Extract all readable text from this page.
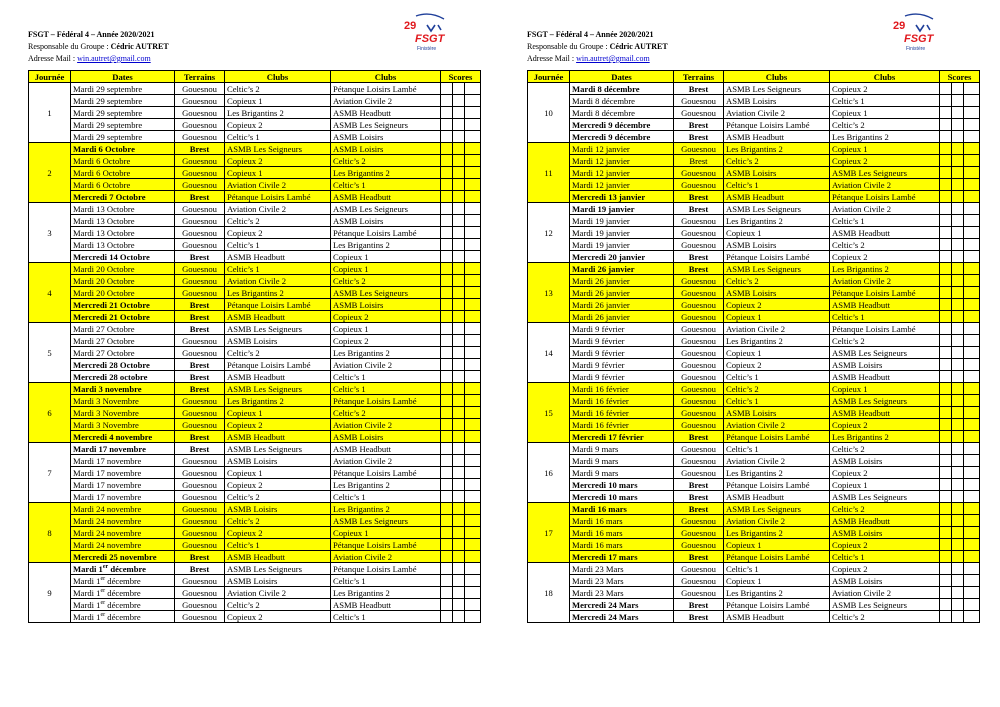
FSGT – Fédéral 4 – Année 2020/2021
Responsable du Groupe : Cédric AUTRET
Adresse Mail : win.autret@gmail.com
29
FSGT
Finistère
Journée	Dates	Terrains	Clubs	Clubs	Scores		
1	Mardi 29 septembre	Gouesnou	Celtic’s 2	Pétanque Loisirs Lambé			
	Mardi 29 septembre	Gouesnou	Copieux 1	Aviation Civile 2			
	Mardi 29 septembre	Gouesnou	Les Brigantins 2	ASMB Headbutt			
	Mardi 29 septembre	Gouesnou	Copieux 2	ASMB Les Seigneurs			
	Mardi 29 septembre	Gouesnou	Celtic’s 1	ASMB Loisirs			
2	Mardi 6 Octobre	Brest	ASMB Les Seigneurs	ASMB Loisirs			
	Mardi 6 Octobre	Gouesnou	Copieux 2	Celtic’s 2			
	Mardi 6 Octobre	Gouesnou	Copieux 1	Les Brigantins 2			
	Mardi 6 Octobre	Gouesnou	Aviation Civile 2	Celtic’s 1			
	Mercredi 7 Octobre	Brest	Pétanque Loisirs Lambé	ASMB Headbutt			
3	Mardi 13 Octobre	Gouesnou	Aviation Civile 2	ASMB Les Seigneurs			
	Mardi 13 Octobre	Gouesnou	Celtic’s 2	ASMB Loisirs			
	Mardi 13 Octobre	Gouesnou	Copieux 2	Pétanque Loisirs Lambé			
	Mardi 13 Octobre	Gouesnou	Celtic’s 1	Les Brigantins 2			
	Mercredi 14 Octobre	Brest	ASMB Headbutt	Copieux 1			
4	Mardi 20 Octobre	Gouesnou	Celtic’s 1	Copieux 1			
	Mardi 20 Octobre	Gouesnou	Aviation Civile 2	Celtic’s 2			
	Mardi 20 Octobre	Gouesnou	Les Brigantins 2	ASMB Les Seigneurs			
	Mercredi 21 Octobre	Brest	Pétanque Loisirs Lambé	ASMB Loisirs			
	Mercredi 21 Octobre	Brest	ASMB Headbutt	Copieux 2			
5	Mardi 27 Octobre	Brest	ASMB Les Seigneurs	Copieux 1			
	Mardi 27 Octobre	Gouesnou	ASMB Loisirs	Copieux 2			
	Mardi 27 Octobre	Gouesnou	Celtic’s 2	Les Brigantins 2			
	Mercredi 28 Octobre	Brest	Pétanque Loisirs Lambé	Aviation Civile 2			
	Mercredi 28 octobre	Brest	ASMB Headbutt	Celtic’s 1			
6	Mardi 3 novembre	Brest	ASMB Les Seigneurs	Celtic’s 1			
	Mardi 3 Novembre	Gouesnou	Les Brigantins 2	Pétanque Loisirs Lambé			
	Mardi 3 Novembre	Gouesnou	Copieux 1	Celtic’s 2			
	Mardi 3 Novembre	Gouesnou	Copieux 2	Aviation Civile 2			
	Mercredi 4 novembre	Brest	ASMB Headbutt	ASMB Loisirs			
7	Mardi 17 novembre	Brest	ASMB Les Seigneurs	ASMB Headbutt			
	Mardi 17 novembre	Gouesnou	ASMB Loisirs	Aviation Civile 2			
	Mardi 17 novembre	Gouesnou	Copieux 1	Pétanque Loisirs Lambé			
	Mardi 17 novembre	Gouesnou	Copieux 2	Les Brigantins 2			
	Mardi 17 novembre	Gouesnou	Celtic’s 2	Celtic’s 1			
8	Mardi 24 novembre	Gouesnou	ASMB Loisirs	Les Brigantins 2			
	Mardi 24 novembre	Gouesnou	Celtic’s 2	ASMB Les Seigneurs			
	Mardi 24 novembre	Gouesnou	Copieux 2	Copieux 1			
	Mardi 24 novembre	Gouesnou	Celtic’s 1	Pétanque Loisirs Lambé			
	Mercredi 25 novembre	Brest	ASMB Headbutt	Aviation Civile 2			
9	Mardi 1er décembre	Brest	ASMB Les Seigneurs	Pétanque Loisirs Lambé			
	Mardi 1er décembre	Gouesnou	ASMB Loisirs	Celtic’s 1			
	Mardi 1er décembre	Gouesnou	Aviation Civile 2	Les Brigantins 2			
	Mardi 1er décembre	Gouesnou	Celtic’s 2	ASMB Headbutt			
	Mardi 1er décembre	Gouesnou	Copieux 2	Celtic’s 1			
FSGT – Fédéral 4 – Année 2020/2021
Responsable du Groupe : Cédric AUTRET
Adresse Mail : win.autret@gmail.com
29
FSGT
Finistère
Journée	Dates	Terrains	Clubs	Clubs	Scores		
10	Mardi 8 décembre	Brest	ASMB Les Seigneurs	Copieux 2			
	Mardi 8 décembre	Gouesnou	ASMB Loisirs	Celtic’s 1			
	Mardi 8 décembre	Gouesnou	Aviation Civile 2	Copieux 1			
	Mercredi 9 décembre	Brest	Pétanque Loisirs Lambé	Celtic’s 2			
	Mercredi 9 décembre	Brest	ASMB Headbutt	Les Brigantins 2			
11	Mardi 12 janvier	Gouesnou	Les Brigantins 2	Copieux 1			
	Mardi 12 janvier	Brest	Celtic’s 2	Copieux 2			
	Mardi 12 janvier	Gouesnou	ASMB Loisirs	ASMB Les Seigneurs			
	Mardi 12 janvier	Gouesnou	Celtic’s 1	Aviation Civile 2			
	Mercredi 13 janvier	Brest	ASMB Headbutt	Pétanque Loisirs Lambé			
12	Mardi 19 janvier	Brest	ASMB Les Seigneurs	Aviation Civile 2			
	Mardi 19 janvier	Gouesnou	Les Brigantins 2	Celtic’s 1			
	Mardi 19 janvier	Gouesnou	Copieux 1	ASMB Headbutt			
	Mardi 19 janvier	Gouesnou	ASMB Loisirs	Celtic’s 2			
	Mercredi 20 janvier	Brest	Pétanque Loisirs Lambé	Copieux 2			
13	Mardi 26 janvier	Brest	ASMB Les Seigneurs	Les Brigantins 2			
	Mardi 26 janvier	Gouesnou	Celtic’s 2	Aviation Civile 2			
	Mardi 26 janvier	Gouesnou	ASMB Loisirs	Pétanque Loisirs Lambé			
	Mardi 26 janvier	Gouesnou	Copieux 2	ASMB Headbutt			
	Mardi 26 janvier	Gouesnou	Copieux 1	Celtic’s 1			
14	Mardi 9 février	Gouesnou	Aviation Civile 2	Pétanque Loisirs Lambé			
	Mardi 9 février	Gouesnou	Les Brigantins 2	Celtic’s 2			
	Mardi 9 février	Gouesnou	Copieux 1	ASMB Les Seigneurs			
	Mardi 9 février	Gouesnou	Copieux 2	ASMB Loisirs			
	Mardi 9 février	Gouesnou	Celtic’s 1	ASMB Headbutt			
15	Mardi 16 février	Gouesnou	Celtic’s 2	Copieux 1			
	Mardi 16 février	Gouesnou	Celtic’s 1	ASMB Les Seigneurs			
	Mardi 16 février	Gouesnou	ASMB Loisirs	ASMB Headbutt			
	Mardi 16 février	Gouesnou	Aviation Civile 2	Copieux 2			
	Mercredi 17 février	Brest	Pétanque Loisirs Lambé	Les Brigantins 2			
16	Mardi 9 mars	Gouesnou	Celtic’s 1	Celtic’s 2			
	Mardi 9 mars	Gouesnou	Aviation Civile 2	ASMB Loisirs			
	Mardi 9 mars	Gouesnou	Les Brigantins 2	Copieux 2			
	Mercredi 10 mars	Brest	Pétanque Loisirs Lambé	Copieux 1			
	Mercredi 10 mars	Brest	ASMB Headbutt	ASMB Les Seigneurs			
17	Mardi 16 mars	Brest	ASMB Les Seigneurs	Celtic’s 2			
	Mardi 16 mars	Gouesnou	Aviation Civile 2	ASMB Headbutt			
	Mardi 16 mars	Gouesnou	Les Brigantins 2	ASMB Loisirs			
	Mardi 16 mars	Gouesnou	Copieux 1	Copieux 2			
	Mercredi 17 mars	Brest	Pétanque Loisirs Lambé	Celtic’s 1			
18	Mardi 23 Mars	Gouesnou	Celtic’s 1	Copieux 2			
	Mardi 23 Mars	Gouesnou	Copieux 1	ASMB Loisirs			
	Mardi 23 Mars	Gouesnou	Les Brigantins 2	Aviation Civile 2			
	Mercredi 24 Mars	Brest	Pétanque Loisirs Lambé	ASMB Les Seigneurs			
	Mercredi 24 Mars	Brest	ASMB Headbutt	Celtic’s 2			
